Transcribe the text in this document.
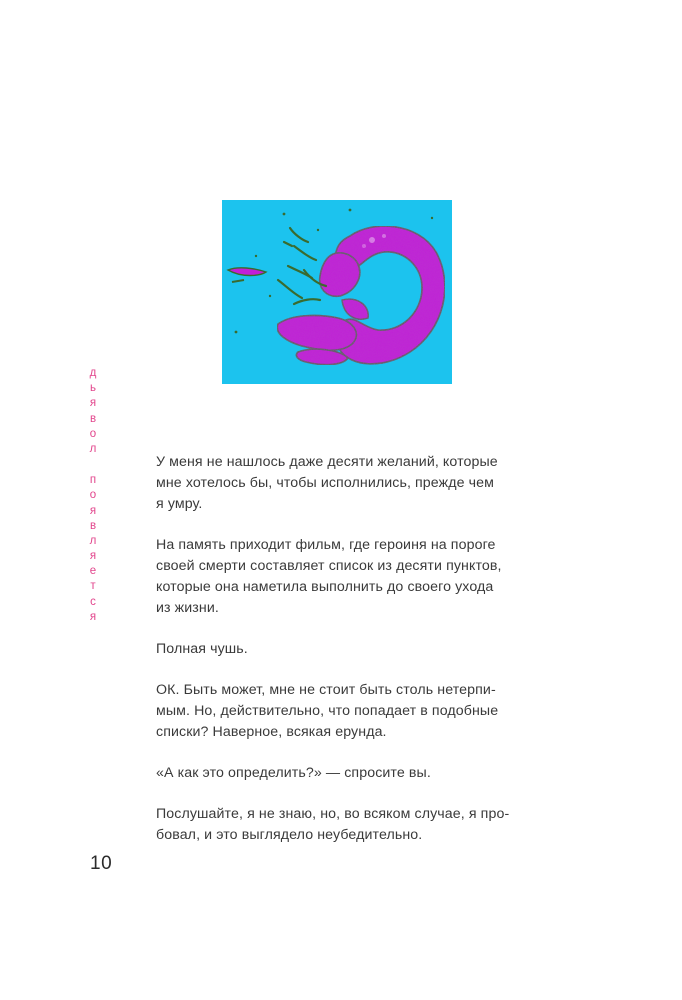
д
ь
я
в
о
л
п
о
я
в
л
я
е
т
с
я

У меня не нашлось даже десяти желаний, которые
мне хотелось бы, чтобы исполнились, прежде чем
я умру.

На память приходит фильм, где героиня на пороге
своей смерти составляет список из десяти пунктов,
которые она наметила выполнить до своего ухода
из жизни.

Полная чушь.

ОК. Быть может, мне не стоит быть столь нетерпи-
мым. Но, действительно, что попадает в подобные
списки? Наверное, всякая ерунда.

«А как это определить?» — спросите вы.

Послушайте, я не знаю, но, во всяком случае, я про-
бовал, и это выглядело неубедительно.

10
